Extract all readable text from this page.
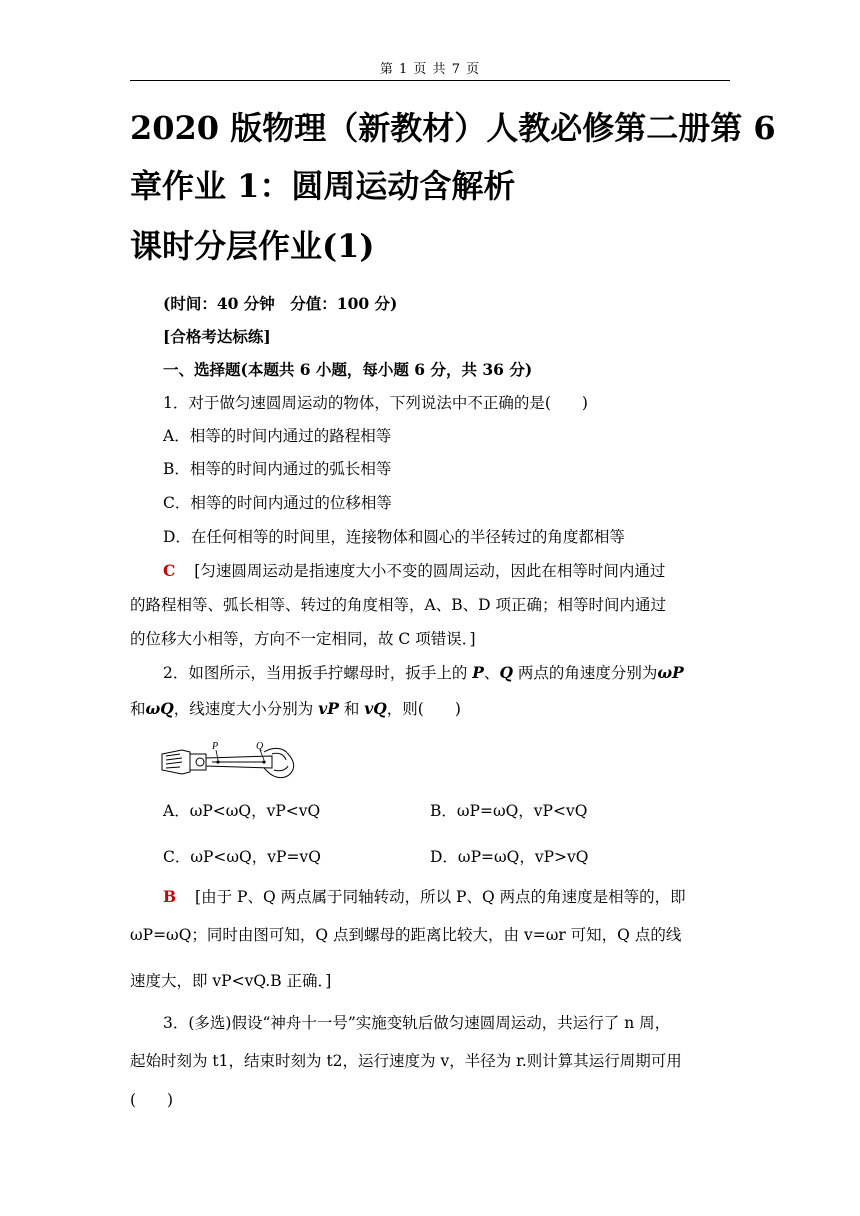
第 1 页 共 7 页
2020 版物理（新教材）人教必修第二册第 6
章作业 1：圆周运动含解析
课时分层作业(1)
(时间：40 分钟　分值：100 分)
[合格考达标练]
一、选择题(本题共 6 小题，每小题 6 分，共 36 分)
1．对于做匀速圆周运动的物体，下列说法中不正确的是(　　)
A．相等的时间内通过的路程相等
B．相等的时间内通过的弧长相等
C．相等的时间内通过的位移相等
D．在任何相等的时间里，连接物体和圆心的半径转过的角度都相等
C [匀速圆周运动是指速度大小不变的圆周运动，因此在相等时间内通过
的路程相等、弧长相等、转过的角度相等，A、B、D 项正确；相等时间内通过
的位移大小相等，方向不一定相同，故 C 项错误．]
2．如图所示，当用扳手拧螺母时，扳手上的 P、Q 两点的角速度分别为ωP
和ωQ，线速度大小分别为 vP 和 vQ，则(　　)
P	Q
A．ωP<ωQ，vP<vQ	B．ωP=ωQ，vP<vQ
C．ωP<ωQ，vP=vQ	D．ωP=ωQ，vP>vQ
B [由于 P、Q 两点属于同轴转动，所以 P、Q 两点的角速度是相等的，即
ωP=ωQ；同时由图可知，Q 点到螺母的距离比较大，由 v=ωr 可知，Q 点的线
速度大，即 vP<vQ.B 正确．]
3．(多选)假设“神舟十一号”实施变轨后做匀速圆周运动，共运行了 n 周，
起始时刻为 t1，结束时刻为 t2，运行速度为 v，半径为 r.则计算其运行周期可用
(　　)
